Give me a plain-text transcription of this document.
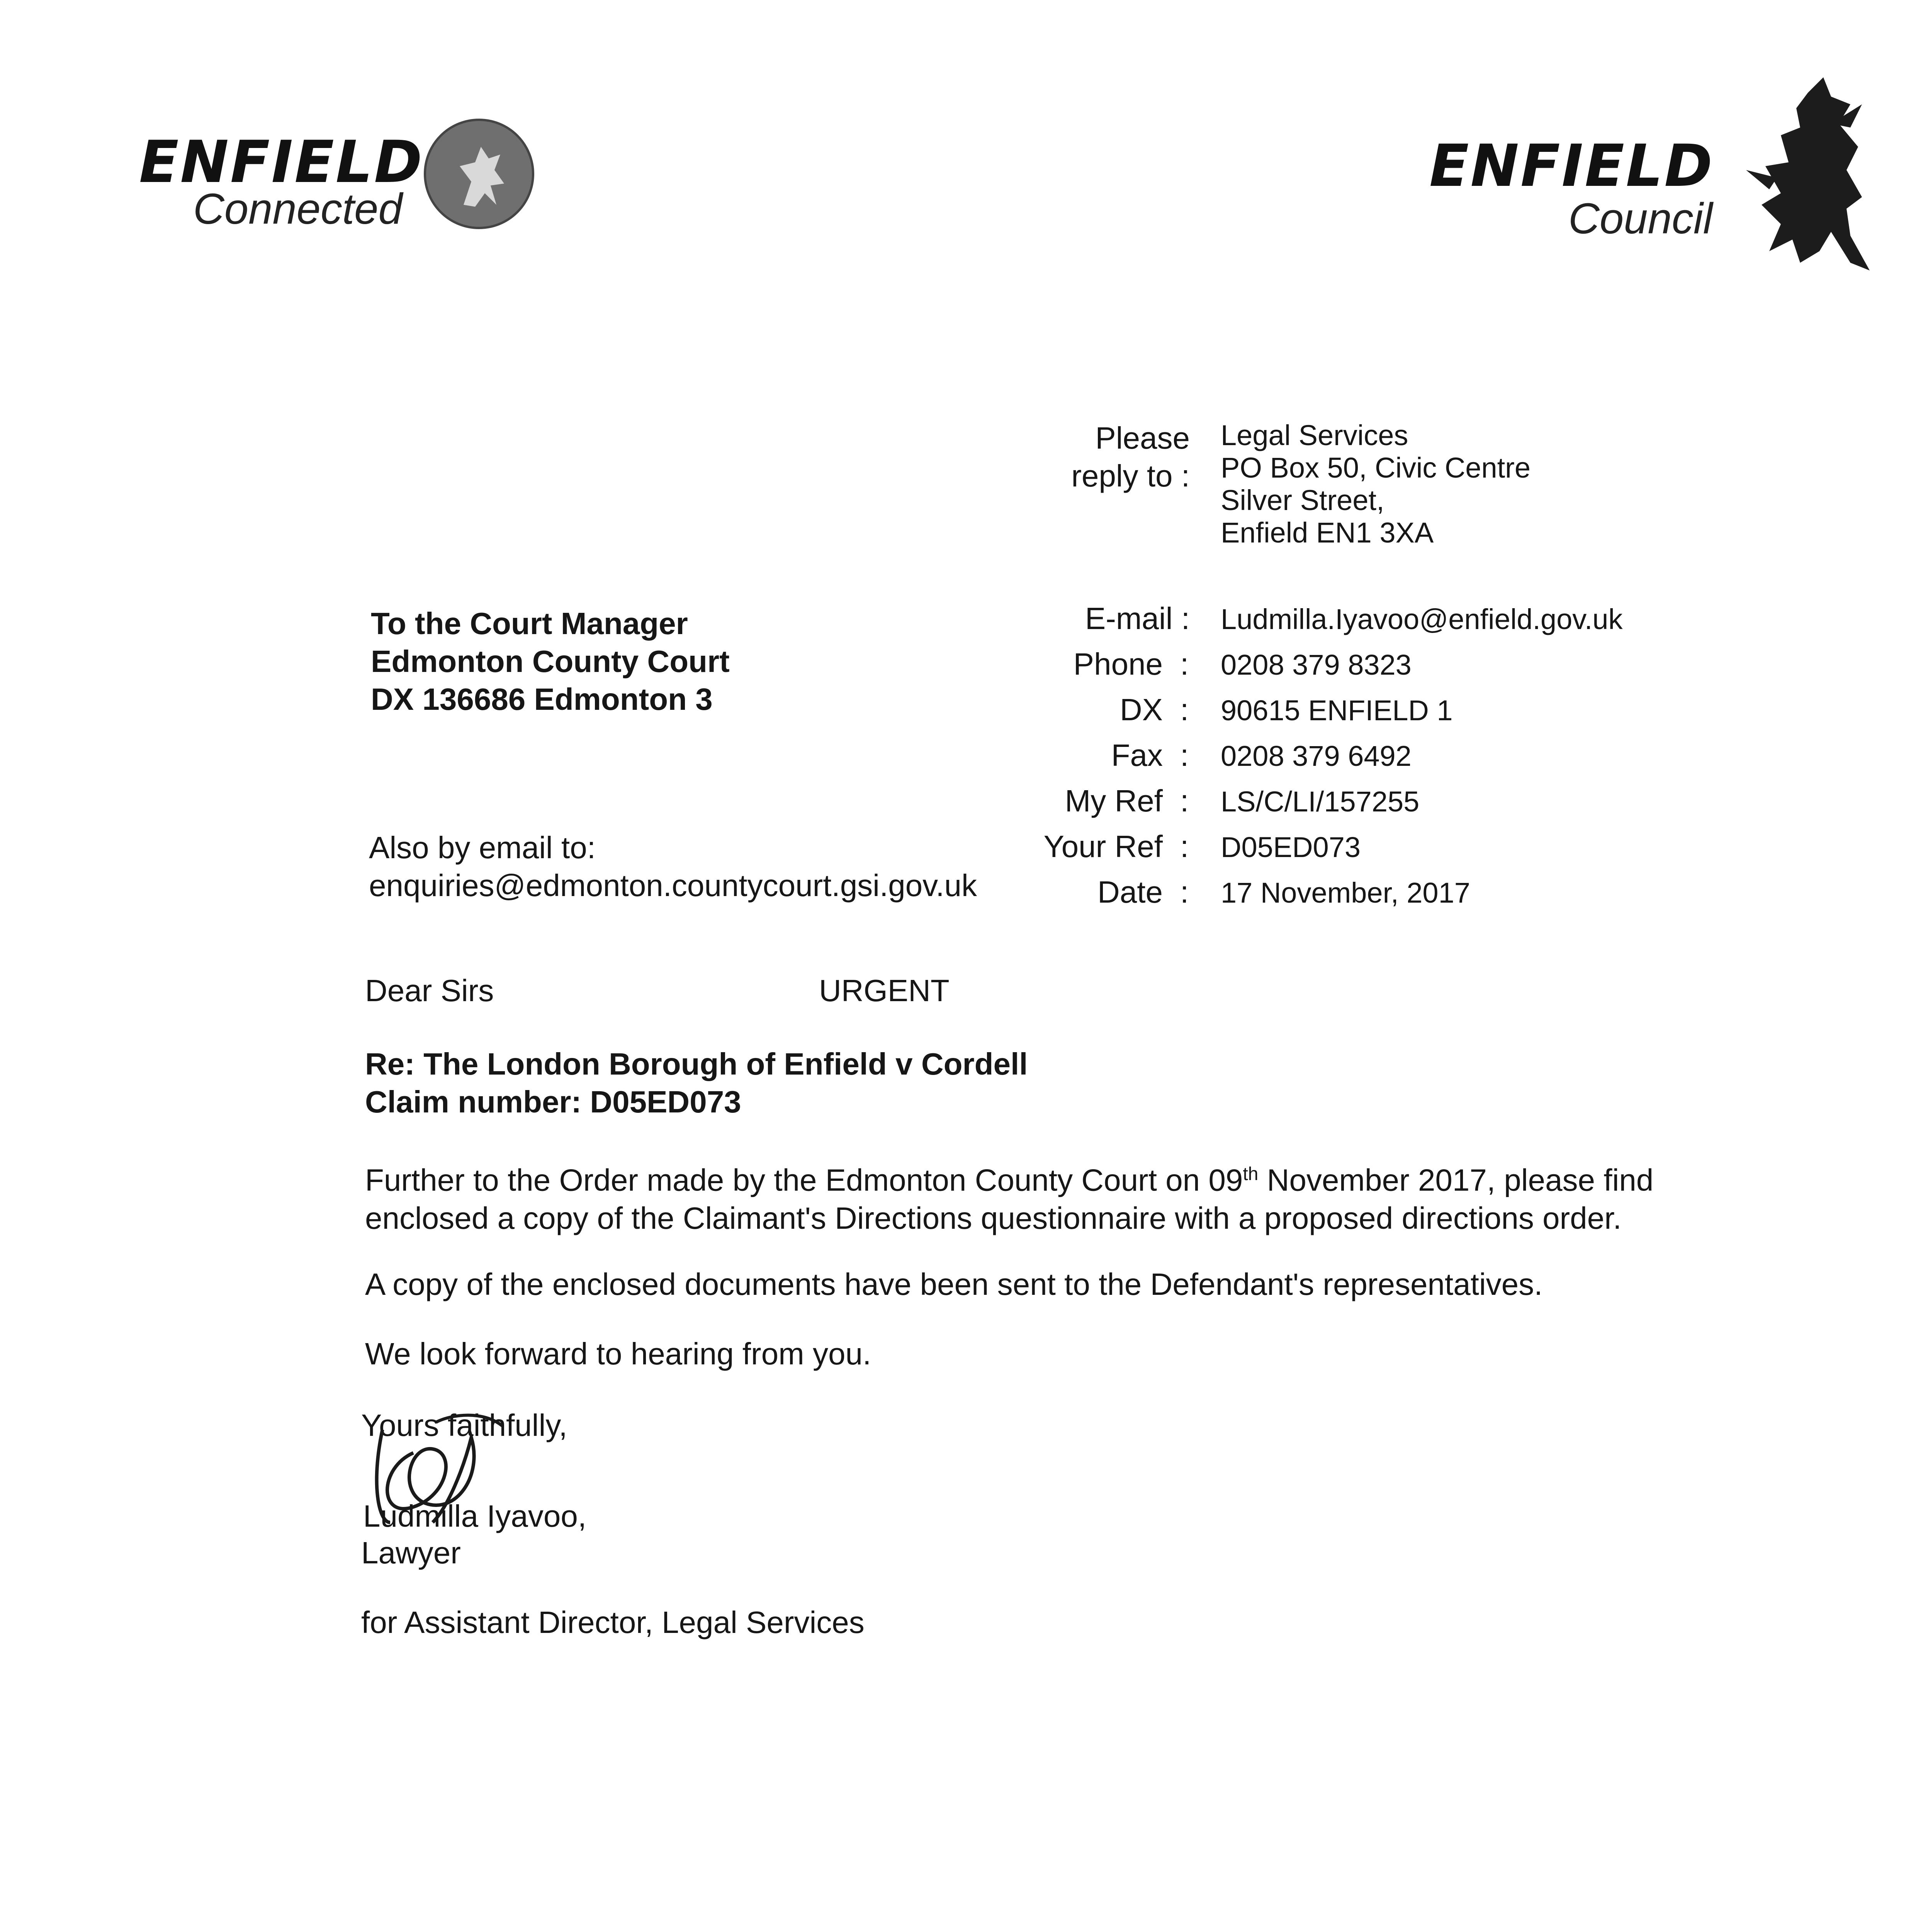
ENFIELD
Connected
ENFIELD
Council
Please
reply to :
Legal Services
PO Box 50, Civic Centre
Silver Street,
Enfield EN1 3XA
To the Court Manager
Edmonton County Court
DX 136686 Edmonton 3
Also by email to:
enquiries@edmonton.countycourt.gsi.gov.uk
E-mail : Ludmilla.Iyavoo@enfield.gov.uk
Phone : 0208 379 8323
DX : 90615 ENFIELD 1
Fax : 0208 379 6492
My Ref : LS/C/LI/157255
Your Ref : D05ED073
Date : 17 November, 2017
Dear Sirs	URGENT
Re: The London Borough of Enfield v Cordell
Claim number: D05ED073
Further to the Order made by the Edmonton County Court on 09th November 2017, please find
enclosed a copy of the Claimant's Directions questionnaire with a proposed directions order.
A copy of the enclosed documents have been sent to the Defendant's representatives.
We look forward to hearing from you.
Yours faithfully,
Ludmilla Iyavoo,
Lawyer
for Assistant Director, Legal Services
